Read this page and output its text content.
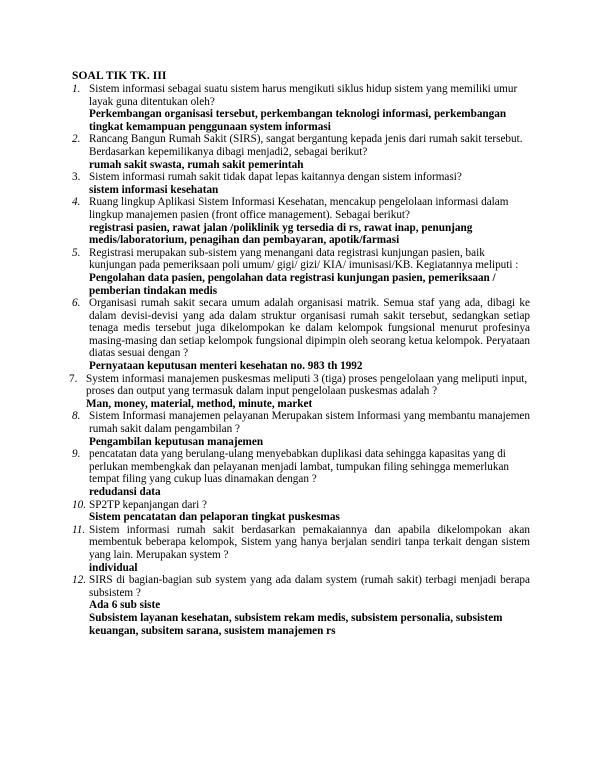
SOAL TIK TK. III
1. Sistem informasi sebagai suatu sistem harus mengikuti siklus hidup sistem yang memiliki umur layak guna ditentukan oleh?

Perkembangan organisasi tersebut, perkembangan teknologi informasi, perkembangan tingkat kemampuan penggunaan system informasi

2. Rancang Bangun Rumah Sakit (SIRS), sangat bergantung kepada jenis dari rumah sakit tersebut. Berdasarkan kepemilikanya dibagi menjadi2, sebagai berikut?

rumah sakit swasta, rumah sakit pemerintah

3. Sistem informasi rumah sakit tidak dapat lepas kaitannya dengan sistem informasi?

sistem informasi kesehatan

4. Ruang lingkup Aplikasi Sistem Informasi Kesehatan, mencakup pengelolaan informasi dalam lingkup manajemen pasien (front office management). Sebagai berikut?

registrasi pasien, rawat jalan /poliklinik yg tersedia di rs, rawat inap, penunjang medis/laboratorium, penagihan dan pembayaran, apotik/farmasi

5. Registrasi merupakan sub-sistem yang menangani data registrasi kunjungan pasien, baik kunjungan pada pemeriksaan poli umum/ gigi/ gizi/ KIA/ imunisasi/KB. Kegiatannya meliputi :

Pengolahan data pasien, pengolahan data registrasi kunjungan pasien, pemeriksaan / pemberian tindakan medis

6. Organisasi rumah sakit secara umum adalah organisasi matrik. Semua staf yang ada, dibagi ke dalam devisi-devisi yang ada dalam struktur organisasi rumah sakit tersebut, sedangkan setiap tenaga medis tersebut juga dikelompokan ke dalam kelompok fungsional menurut profesinya masing-masing dan setiap kelompok fungsional dipimpin oleh seorang ketua kelompok. Peryataan diatas sesuai dengan ?

Pernyataan keputusan menteri kesehatan no. 983 th 1992

7. System informasi manajemen puskesmas meliputi 3 (tiga) proses pengelolaan yang meliputi input, proses dan output yang termasuk dalam input pengelolaan puskesmas adalah ?

Man, money, material, method, minute, market

8. Sistem Informasi manajemen pelayanan Merupakan sistem Informasi yang membantu manajemen rumah sakit dalam pengambilan ?

Pengambilan keputusan manajemen

9. pencatatan data yang berulang-ulang menyebabkan duplikasi data sehingga kapasitas yang di perlukan membengkak dan pelayanan menjadi lambat, tumpukan filing sehingga memerlukan tempat filing yang cukup luas dinamakan dengan ?

redudansi data

10. SP2TP kepanjangan dari ?

Sistem pencatatan dan pelaporan tingkat puskesmas

11. Sistem informasi rumah sakit berdasarkan pemakaiannya dan apabila dikelompokan akan membentuk beberapa kelompok, Sistem yang hanya berjalan sendiri tanpa terkait dengan sistem yang lain. Merupakan system ?

individual

12. SIRS di bagian-bagian sub system yang ada dalam system (rumah sakit) terbagi menjadi berapa subsistem ?

Ada 6 sub siste

Subsistem layanan kesehatan, subsistem rekam medis, subsistem personalia, subsistem keuangan, subsitem sarana, susistem manajemen rs
